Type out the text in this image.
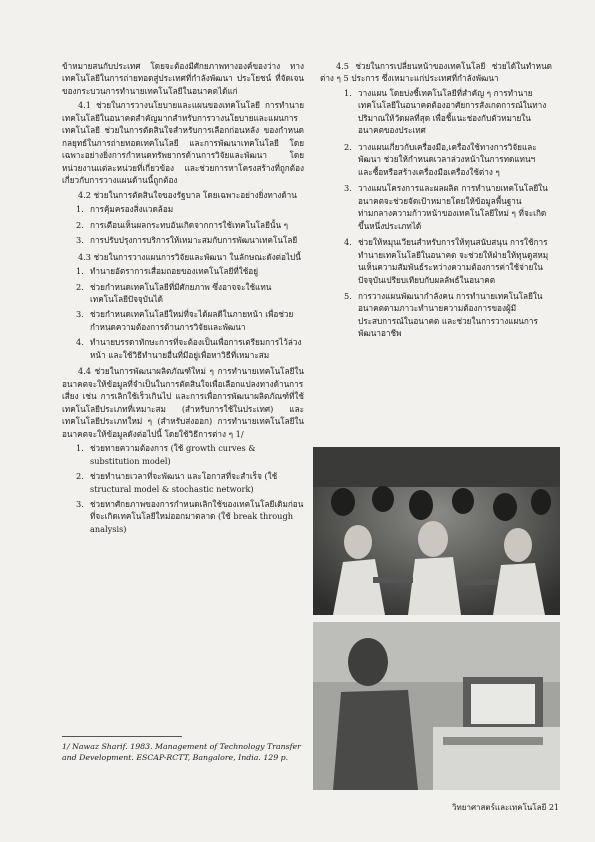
ข้าหมายสนกับประเทศ โดยจะต้องมีศักยภาพทางองค์ของว่าง ทางเทคโนโลยีในการถ่ายทอดสู่ประเทศที่กำลังพัฒนา ประโยชน์ ที่จัดเจนของกระบวนการทำนายเทคโนโลยีในอนาคตได้แก่

4.1 ช่วยในการวางนโยบายและแผนของเทคโนโลยี การทำนายเทคโนโลยีในอนาคตสำคัญมากสำหรับการวางนโยบายและแผนการเทคโนโลยี ช่วยในการตัดสินใจสำหรับการเลือกก่อนหลัง ของกำหนดกลยุทธ์ในการถ่ายทอดเทคโนโลยี และการพัฒนาเทคโนโลยี โดยเฉพาะอย่างยิ่งการกำหนดทรัพยากรด้านการวิจัยและพัฒนา โดยหน่วยงานแต่ละหน่วยที่เกี่ยวข้อง และช่วยการหาโครงสร้างที่ถูกต้องเกี่ยวกับการวางแผนด้านนี้ถูกต้อง

4.2 ช่วยในการตัดสินใจของรัฐบาล โดยเฉพาะอย่างยิ่งทางด้าน

1. การคุ้มครองสิ่งแวดล้อม
2. การเตือนเห็นผลกระทบอันเกิดจากการใช้เทคโนโลยีนั้น ๆ
3. การปรับปรุงการบริการให้เหมาะสมกับการพัฒนาเทคโนโลยี

4.3 ช่วยในการวางแผนการวิจัยและพัฒนา ในลักษณะดังต่อไปนี้

1. ทำนายอัตราการเสื่อมถอยของเทคโนโลยีที่ใช้อยู่
2. ช่วยกำหนดเทคโนโลยีที่มีศักยภาพ ซึ่งอาจจะใช้แทนเทคโนโลยีปัจจุบันได้
3. ช่วยกำหนดเทคโนโลยีใหม่ที่จะได้ผลดีในภายหน้า เพื่อช่วยกำหนดความต้องการด้านการวิจัยและพัฒนา
4. ทำนายบรรดาทักษะการที่จะต้องเป็นเพื่อการเตรียมการไว้ล่วงหน้า และใช้วิธีทำนายอื่นที่มีอยู่เพื่อหาวิธีที่เหมาะสม

4.4 ช่วยในการพัฒนาผลิตภัณฑ์ใหม่ ๆ การทำนายเทคโนโลยีในอนาคตจะให้ข้อมูลที่จำเป็นในการตัดสินใจเพื่อเลือกแปลงทางด้านการเสี่ยง เช่น การเลิกใช้เร็วเกินไป และการเพื่อการพัฒนาผลิตภัณฑ์ที่ใช้เทคโนโลยีประเภทที่เหมาะสม (สำหรับการใช้ในประเทศ) และเทคโนโลยีประเภทใหม่ ๆ (สำหรับส่งออก) การทำนายเทคโนโลยีในอนาคตจะให้ข้อมูลดังต่อไปนี้ โดยใช้วิธีการต่าง ๆ 1/

1. ช่วยทายความต้องการ (ใช้ growth curves & substitution model)
2. ช่วยทำนายเวลาที่จะพัฒนา และโอกาสที่จะสำเร็จ (ใช้ structural model & stochastic network)
3. ช่วยหาศักยภาพของการกำหนดเลิกใช้ของเทคโนโลยีเดิมก่อนที่จะเกิดเทคโนโลยีใหม่ออกมาตลาด (ใช้ break through analysis)

4.5 ช่วยในการเปลี่ยนหน้าของเทคโนโลยี ช่วยได้ในทำหนดต่าง ๆ 5 ประการ ซึ่งเหมาะแก่ประเทศที่กำลังพัฒนา

1. วางแผน โดยบ่งชี้เทคโนโลยีที่สำคัญ ๆ การทำนายเทคโนโลยีในอนาคตต้องอาศัยการสังเกตการณ์ในทางปริมาณให้วัดผลที่สุด เพื่อชี้แนะช่องกับตัวหมายในอนาคตของประเทศ
2. วางแผนเกี่ยวกับเครื่องมือ,เครื่องใช้ทางการวิจัยและพัฒนา ช่วยให้กำหนดเวลาล่วงหน้าในการทดแทนฯ และซื้อหรือสร้างเครื่องมือเครื่องใช้ต่าง ๆ
3. วางแผนโครงการและผลผลิต การทำนายเทคโนโลยีในอนาคตจะช่วยจัดเป้าหมายโดยให้ข้อมูลพื้นฐานท่ามกลางความก้าวหน้าของเทคโนโลยีใหม่ ๆ ที่จะเกิดขึ้นหนึ่งประเภทได้
4. ช่วยให้หมุนเวียนสำหรับการให้ทุนสนับสนุน การใช้การทำนายเทคโนโลยีในอนาคต จะช่วยให้ฝ่ายให้ทุนดูสหมุนเห็นความสัมพันธ์ระหว่างความต้องการค่าใช้จ่ายในปัจจุบันเปรียบเทียบกับผลลัพธ์ในอนาคต
5. การวางแผนพัฒนากำลังคน การทำนายเทคโนโลยีในอนาคตตามภาวะทำนายความต้องการของผู้มีประสบการณ์ในอนาคต และช่วยในการวางแผนการพัฒนาอาชีพ
1/ Nawaz Sharif. 1983. Management of Technology Transfer and Development. ESCAP-RCTT, Bangalore, India. 129 p.
วิทยาศาสตร์และเทคโนโลยี 21
